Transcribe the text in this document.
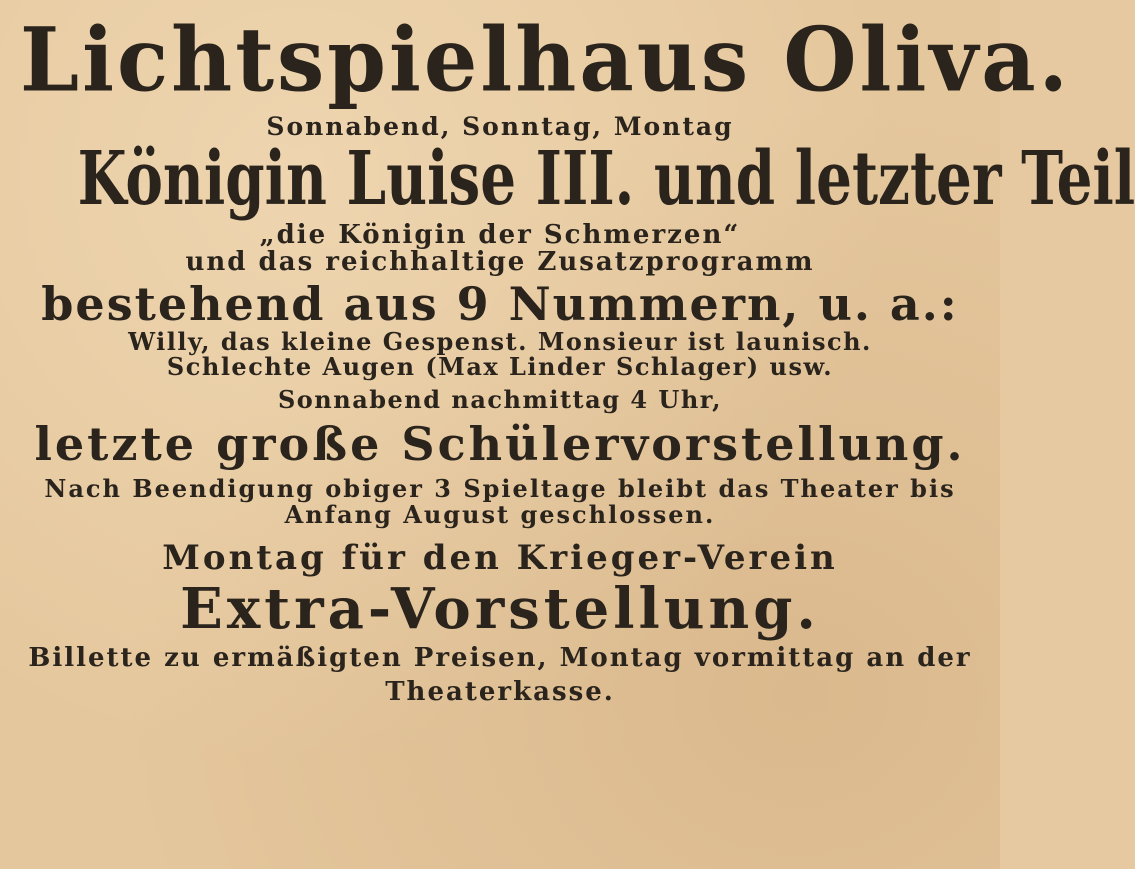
Lichtspielhaus Oliva.

Sonnabend, Sonntag, Montag

Königin Luise III. und letzter Teil

„die Königin der Schmerzen“

und das reichhaltige Zusatzprogramm

bestehend aus 9 Nummern, u. a.:

Willy, das kleine Gespenst. Monsieur ist launisch.

Schlechte Augen (Max Linder Schlager) usw.

Sonnabend nachmittag 4 Uhr,

letzte große Schülervorstellung.

Nach Beendigung obiger 3 Spieltage bleibt das Theater bis

Anfang August geschlossen.

Montag für den Krieger-Verein

Extra-Vorstellung.

Billette zu ermäßigten Preisen, Montag vormittag an der

Theaterkasse.
